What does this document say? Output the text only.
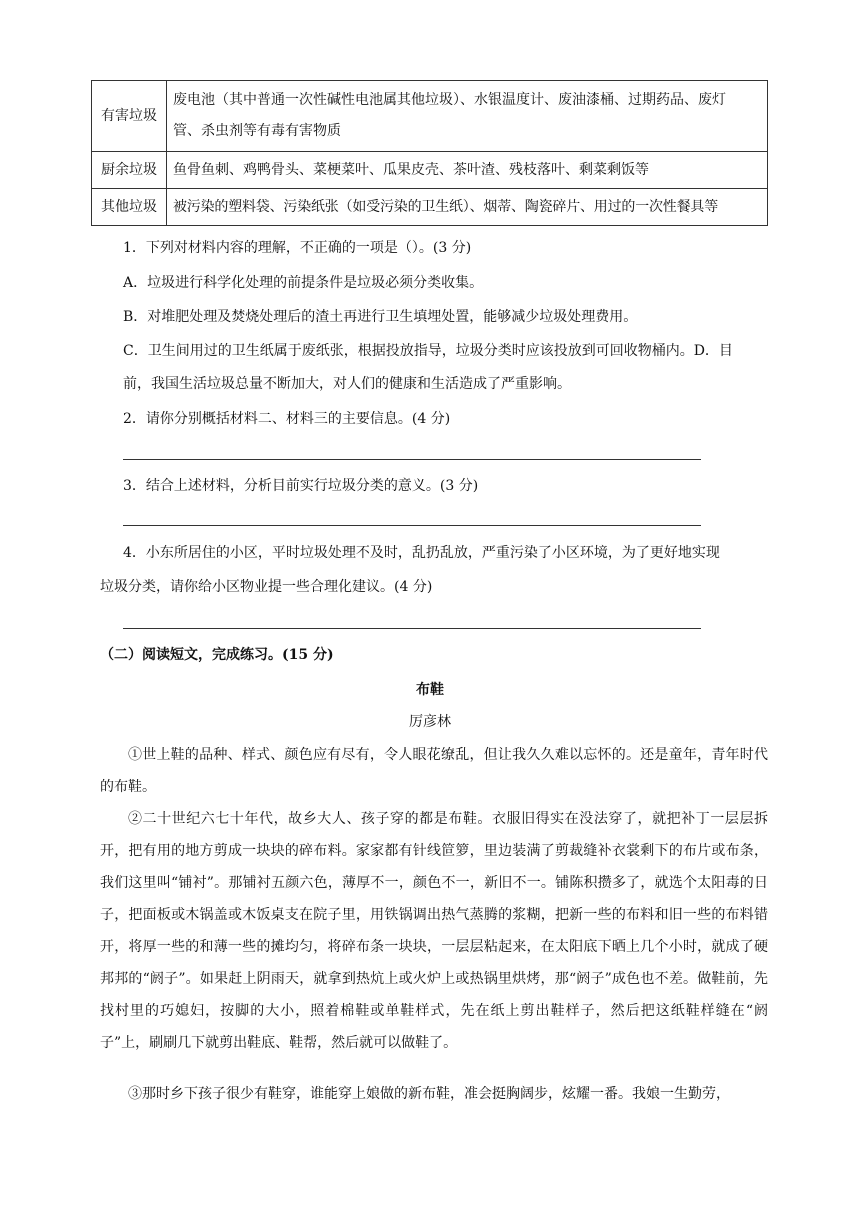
有害垃圾	废电池（其中普通一次性碱性电池属其他垃圾）、水银温度计、废油漆桶、过期药品、废灯
管、杀虫剂等有毒有害物质

厨余垃圾	鱼骨鱼刺、鸡鸭骨头、菜梗菜叶、瓜果皮壳、茶叶渣、残枝落叶、剩菜剩饭等
其他垃圾	被污染的塑料袋、污染纸张（如受污染的卫生纸）、烟蒂、陶瓷碎片、用过的一次性餐具等
1．下列对材料内容的理解，不正确的一项是（）。(3 分)
A．垃圾进行科学化处理的前提条件是垃圾必须分类收集。
B．对堆肥处理及焚烧处理后的渣土再进行卫生填埋处置，能够减少垃圾处理费用。
C．卫生间用过的卫生纸属于废纸张，根据投放指导，垃圾分类时应该投放到可回收物桶内。D．目
前，我国生活垃圾总量不断加大，对人们的健康和生活造成了严重影响。
2．请你分别概括材料二、材料三的主要信息。(4 分)
3．结合上述材料，分析目前实行垃圾分类的意义。(3 分)
4．小东所居住的小区，平时垃圾处理不及时，乱扔乱放，严重污染了小区环境，为了更好地实现
垃圾分类，请你给小区物业提一些合理化建议。(4 分)
（二）阅读短文，完成练习。(15 分)
布鞋
厉彦林
①世上鞋的品种、样式、颜色应有尽有，令人眼花缭乱，但让我久久难以忘怀的。还是童年，青年时代的布鞋。
②二十世纪六七十年代，故乡大人、孩子穿的都是布鞋。衣服旧得实在没法穿了，就把补丁一层层拆开，把有用的地方剪成一块块的碎布料。家家都有针线笸箩，里边装满了剪裁缝补衣裳剩下的布片或布条，我们这里叫“铺衬”。那铺衬五颜六色，薄厚不一，颜色不一，新旧不一。铺陈积攒多了，就选个太阳毒的日子，把面板或木锅盖或木饭桌支在院子里，用铁锅调出热气蒸腾的浆糊，把新一些的布料和旧一些的布料错开，将厚一些的和薄一些的摊均匀，将碎布条一块块，一层层粘起来，在太阳底下晒上几个小时，就成了硬邦邦的“阏子”。如果赶上阴雨天，就拿到热炕上或火炉上或热锅里烘烤，那“阏子”成色也不差。做鞋前，先找村里的巧媳妇，按脚的大小，照着棉鞋或单鞋样式，先在纸上剪出鞋样子，然后把这纸鞋样缝在“阏子”上，刷刷几下就剪出鞋底、鞋帮，然后就可以做鞋了。
③那时乡下孩子很少有鞋穿，谁能穿上娘做的新布鞋，准会挺胸阔步，炫耀一番。我娘一生勤劳，
